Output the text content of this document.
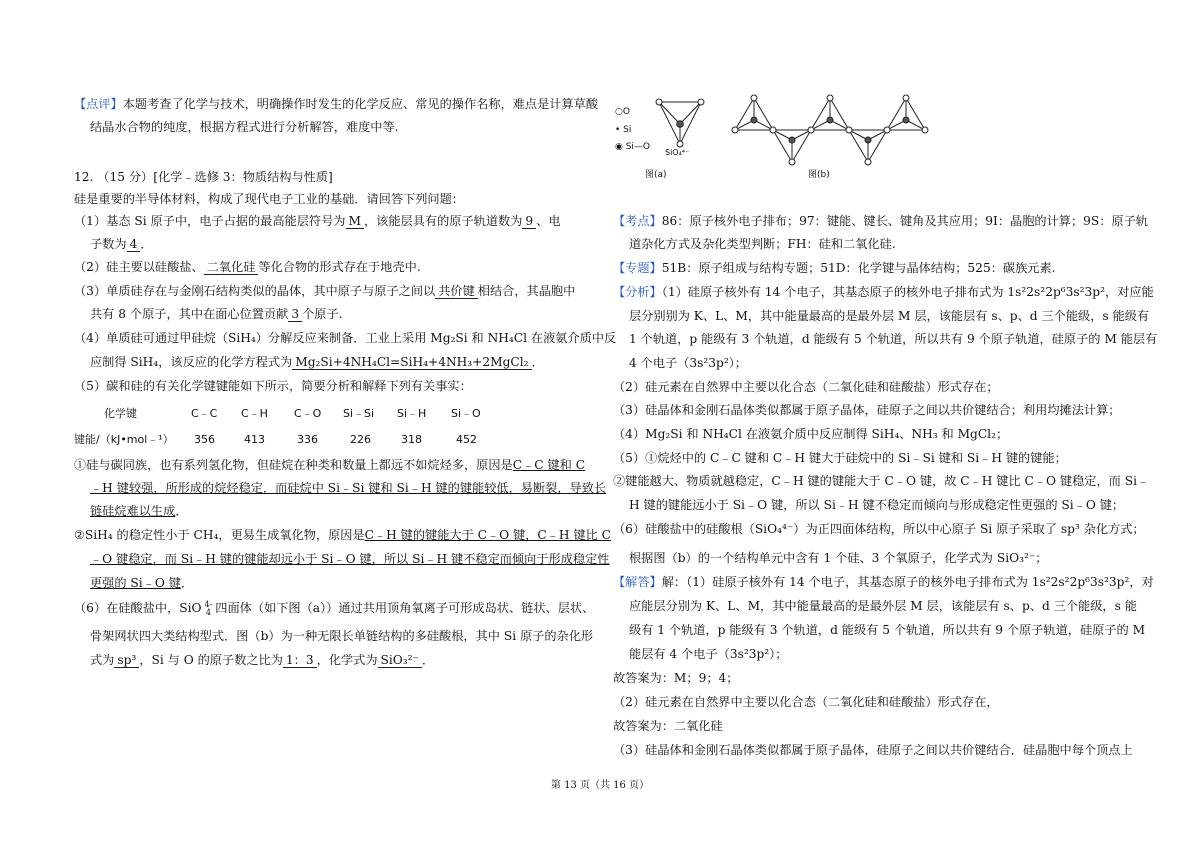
【点评】本题考查了化学与技术，明确操作时发生的化学反应、常见的操作名称，难点是计算草酸
结晶水合物的纯度，根据方程式进行分析解答，难度中等.
12. （15 分）[化学﹣选修 3：物质结构与性质]
硅是重要的半导体材料，构成了现代电子工业的基础．请回答下列问题：
（1）基态 Si 原子中，电子占据的最高能层符号为 M ，该能层具有的原子轨道数为 9 、电
子数为 4 ．
（2）硅主要以硅酸盐、 二氧化硅 等化合物的形式存在于地壳中.
（3）单质硅存在与金刚石结构类似的晶体，其中原子与原子之间以 共价键 相结合，其晶胞中
共有 8 个原子，其中在面心位置贡献 3 个原子.
（4）单质硅可通过甲硅烷（SiH₄）分解反应来制备．工业上采用 Mg₂Si 和 NH₄Cl 在液氨介质中反
应制得 SiH₄，该反应的化学方程式为 Mg₂Si+4NH₄Cl=SiH₄+4NH₃+2MgCl₂ ．
（5）碳和硅的有关化学键键能如下所示，简要分析和解释下列有关事实：
化学键	C﹣C C﹣H C﹣O Si﹣Si Si﹣H Si﹣O
键能/（kJ•mol﹣¹） 356	413	336	226	318	452
①硅与碳同族，也有系列氢化物，但硅烷在种类和数量上都远不如烷烃多，原因是C﹣C 键和 C
﹣H 键较强，所形成的烷烃稳定．而硅烷中 Si﹣Si 键和 Si﹣H 键的键能较低，易断裂，导致长
链硅烷难以生成．
②SiH₄ 的稳定性小于 CH₄，更易生成氧化物，原因是C﹣H 键的键能大于 C﹣O 键，C﹣H 键比 C
﹣O 键稳定．而 Si﹣H 键的键能却远小于 Si﹣O 键，所以 Si﹣H 键不稳定而倾向于形成稳定性
更强的 Si﹣O 键．
（6）在硅酸盐中，SiO 4-
4 四面体（如下图（a））通过共用顶角氧离子可形成岛状、链状、层状、
骨架网状四大类结构型式．图（b）为一种无限长单链结构的多硅酸根，其中 Si 原子的杂化形
式为 sp³ ，Si 与 O 的原子数之比为 1：3 ，化学式为 SiO₃²⁻ ．
○O
• Si
◉ Si—O
SiO₄⁴⁻
图(a)	图(b)
【考点】86：原子核外电子排布；97：键能、键长、键角及其应用；9I：晶胞的计算；9S：原子轨
道杂化方式及杂化类型判断；FH：硅和二氧化硅.
【专题】51B：原子组成与结构专题；51D：化学键与晶体结构；525：碳族元素.
【分析】（1）硅原子核外有 14 个电子，其基态原子的核外电子排布式为 1s²2s²2p⁶3s²3p²，对应能
层分别别为 K、L、M，其中能量最高的是最外层 M 层，该能层有 s、p、d 三个能级，s 能级有
1 个轨道，p 能级有 3 个轨道，d 能级有 5 个轨道，所以共有 9 个原子轨道，硅原子的 M 能层有
4 个电子（3s²3p²）；
（2）硅元素在自然界中主要以化合态（二氧化硅和硅酸盐）形式存在；
（3）硅晶体和金刚石晶体类似都属于原子晶体，硅原子之间以共价键结合；利用均摊法计算；
（4）Mg₂Si 和 NH₄Cl 在液氨介质中反应制得 SiH₄、NH₃ 和 MgCl₂；
（5）①烷烃中的 C﹣C 键和 C﹣H 键大于硅烷中的 Si﹣Si 键和 Si﹣H 键的键能；
②键能越大、物质就越稳定，C﹣H 键的键能大于 C﹣O 键，故 C﹣H 键比 C﹣O 键稳定，而 Si﹣
H 键的键能远小于 Si﹣O 键，所以 Si﹣H 键不稳定而倾向与形成稳定性更强的 Si﹣O 键；
（6）硅酸盐中的硅酸根（SiO₄⁴⁻）为正四面体结构，所以中心原子 Si 原子采取了 sp³ 杂化方式；
根据图（b）的一个结构单元中含有 1 个硅、3 个氧原子，化学式为 SiO₃²⁻；
【解答】解：（1）硅原子核外有 14 个电子，其基态原子的核外电子排布式为 1s²2s²2p⁶3s²3p²，对
应能层分别为 K、L、M，其中能量最高的是最外层 M 层，该能层有 s、p、d 三个能级，s 能
级有 1 个轨道，p 能级有 3 个轨道，d 能级有 5 个轨道，所以共有 9 个原子轨道，硅原子的 M
能层有 4 个电子（3s²3p²）；
故答案为：M；9；4；
（2）硅元素在自然界中主要以化合态（二氧化硅和硅酸盐）形式存在，
故答案为：二氧化硅
（3）硅晶体和金刚石晶体类似都属于原子晶体，硅原子之间以共价键结合．硅晶胞中每个顶点上
第 13 页（共 16 页）
